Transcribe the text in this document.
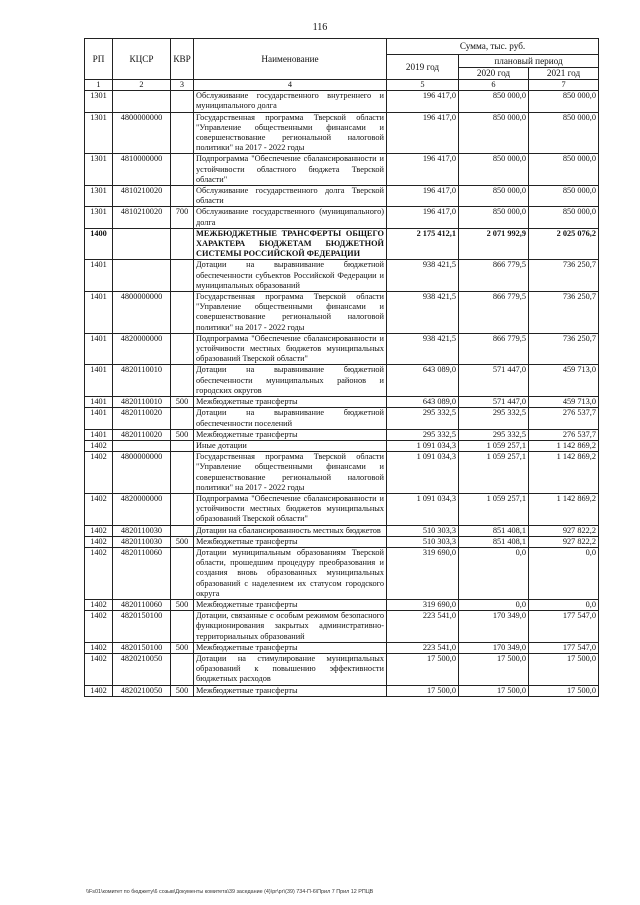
116
РП	КЦСР	КВР	Наименование	Сумма, тыс. руб.		
				2019 год	плановый период	
					2020 год	2021 год
1	2	3	4	5	6	7
1301			Обслуживание государственного внутреннего и муниципального долга	196 417,0	850 000,0	850 000,0
1301	4800000000		Государственная программа Тверской области "Управление общественными финансами и совершенствование региональной налоговой политики" на 2017 - 2022 годы	196 417,0	850 000,0	850 000,0
1301	4810000000		Подпрограмма "Обеспечение сбалансированности и устойчивости областного бюджета Тверской области"	196 417,0	850 000,0	850 000,0
1301	4810210020		Обслуживание государственного долга Тверской области	196 417,0	850 000,0	850 000,0
1301	4810210020	700	Обслуживание государственного (муниципального) долга	196 417,0	850 000,0	850 000,0
1400			МЕЖБЮДЖЕТНЫЕ ТРАНСФЕРТЫ ОБЩЕГО ХАРАКТЕРА БЮДЖЕТАМ БЮДЖЕТНОЙ СИСТЕМЫ РОССИЙСКОЙ ФЕДЕРАЦИИ	2 175 412,1	2 071 992,9	2 025 076,2
1401			Дотации на выравнивание бюджетной обеспеченности субъектов Российской Федерации и муниципальных образований	938 421,5	866 779,5	736 250,7
1401	4800000000		Государственная программа Тверской области "Управление общественными финансами и совершенствование региональной налоговой политики" на 2017 - 2022 годы	938 421,5	866 779,5	736 250,7
1401	4820000000		Подпрограмма "Обеспечение сбалансированности и устойчивости местных бюджетов муниципальных образований Тверской области"	938 421,5	866 779,5	736 250,7
1401	4820110010		Дотации на выравнивание бюджетной обеспеченности муниципальных районов и городских округов	643 089,0	571 447,0	459 713,0
1401	4820110010	500	Межбюджетные трансферты	643 089,0	571 447,0	459 713,0
1401	4820110020		Дотации на выравнивание бюджетной обеспеченности поселений	295 332,5	295 332,5	276 537,7
1401	4820110020	500	Межбюджетные трансферты	295 332,5	295 332,5	276 537,7
1402			Иные дотации	1 091 034,3	1 059 257,1	1 142 869,2
1402	4800000000		Государственная программа Тверской области "Управление общественными финансами и совершенствование региональной налоговой политики" на 2017 - 2022 годы	1 091 034,3	1 059 257,1	1 142 869,2
1402	4820000000		Подпрограмма "Обеспечение сбалансированности и устойчивости местных бюджетов муниципальных образований Тверской области"	1 091 034,3	1 059 257,1	1 142 869,2
1402	4820110030		Дотации на сбалансированность местных бюджетов	510 303,3	851 408,1	927 822,2
1402	4820110030	500	Межбюджетные трансферты	510 303,3	851 408,1	927 822,2
1402	4820110060		Дотации муниципальным образованиям Тверской области, прошедшим процедуру преобразования и создания вновь образованных муниципальных образований с наделением их статусом городского округа	319 690,0	0,0	0,0
1402	4820110060	500	Межбюджетные трансферты	319 690,0	0,0	0,0
1402	4820150100		Дотации, связанные с особым режимом безопасного функционирования закрытых административно-территориальных образований	223 541,0	170 349,0	177 547,0
1402	4820150100	500	Межбюджетные трансферты	223 541,0	170 349,0	177 547,0
1402	4820210050		Дотации на стимулирование муниципальных образований к повышению эффективности бюджетных расходов	17 500,0	17 500,0	17 500,0
1402	4820210050	500	Межбюджетные трансферты	17 500,0	17 500,0	17 500,0
\\Fs01\комитет по бюджету\6 созыв\Документы комитета\39 заседание (4)\рг\рг\(39) 734-П-6\Прил 7 Прил 12 РПЦВ
